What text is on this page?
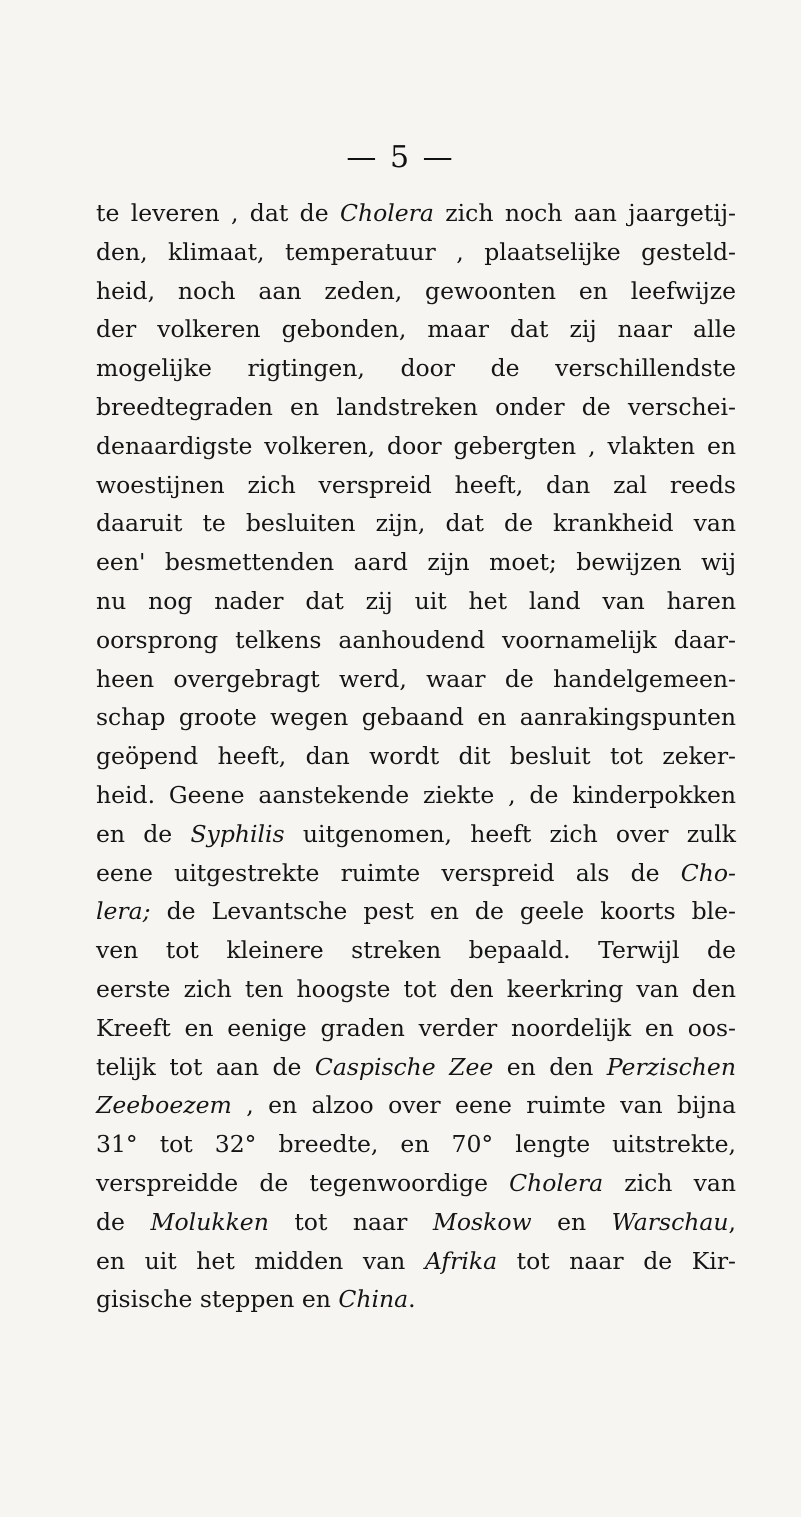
— 5 —
te leveren , dat de Cholera zich noch aan jaargetij-
den, klimaat, temperatuur , plaatselijke gesteld-
heid, noch aan zeden, gewoonten en leefwijze
der volkeren gebonden, maar dat zij naar alle
mogelijke rigtingen, door de verschillendste
breedtegraden en landstreken onder de verschei-
denaardigste volkeren, door gebergten , vlakten en
woestijnen zich verspreid heeft, dan zal reeds
daaruit te besluiten zijn, dat de krankheid van
een' besmettenden aard zijn moet; bewijzen wij
nu nog nader dat zij uit het land van haren
oorsprong telkens aanhoudend voornamelijk daar-
heen overgebragt werd, waar de handelgemeen-
schap groote wegen gebaand en aanrakingspunten
geöpend heeft, dan wordt dit besluit tot zeker-
heid. Geene aanstekende ziekte , de kinderpokken
en de Syphilis uitgenomen, heeft zich over zulk
eene uitgestrekte ruimte verspreid als de Cho-
lera; de Levantsche pest en de geele koorts ble-
ven tot kleinere streken bepaald. Terwijl de
eerste zich ten hoogste tot den keerkring van den
Kreeft en eenige graden verder noordelijk en oos-
telijk tot aan de Caspische Zee en den Perzischen
Zeeboezem , en alzoo over eene ruimte van bijna
31° tot 32° breedte, en 70° lengte uitstrekte,
verspreidde de tegenwoordige Cholera zich van
de Molukken tot naar Moskow en Warschau,
en uit het midden van Afrika tot naar de Kir-
gisische steppen en China.
